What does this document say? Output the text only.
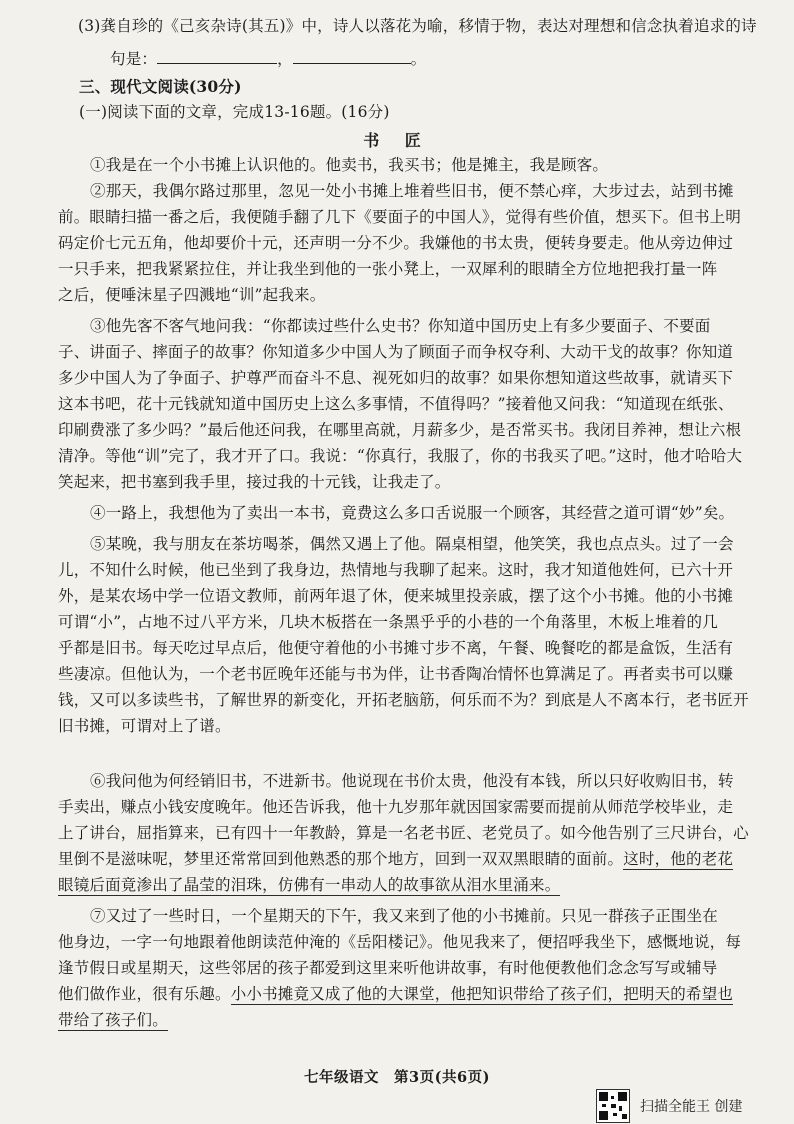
(3)龚自珍的《己亥杂诗(其五)》中，诗人以落花为喻，移情于物，表达对理想和信念执着追求的诗
句是：	，	。
三、现代文阅读(30分)
(一)阅读下面的文章，完成13-16题。(16分)
书 匠
①我是在一个小书摊上认识他的。他卖书，我买书；他是摊主，我是顾客。
②那天，我偶尔路过那里，忽见一处小书摊上堆着些旧书，便不禁心痒，大步过去，站到书摊
前。眼睛扫描一番之后，我便随手翻了几下《要面子的中国人》，觉得有些价值，想买下。但书上明
码定价七元五角，他却要价十元，还声明一分不少。我嫌他的书太贵，便转身要走。他从旁边伸过
一只手来，把我紧紧拉住，并让我坐到他的一张小凳上，一双犀利的眼睛全方位地把我打量一阵
之后，便唾沫星子四溅地“训”起我来。
③他先客不客气地问我：“你都读过些什么史书？你知道中国历史上有多少要面子、不要面
子、讲面子、摔面子的故事？你知道多少中国人为了顾面子而争权夺利、大动干戈的故事？你知道
多少中国人为了争面子、护尊严而奋斗不息、视死如归的故事？如果你想知道这些故事，就请买下
这本书吧，花十元钱就知道中国历史上这么多事情，不值得吗？”接着他又问我：“知道现在纸张、
印刷费涨了多少吗？”最后他还问我，在哪里高就，月薪多少，是否常买书。我闭目养神，想让六根
清净。等他“训”完了，我才开了口。我说：“你真行，我服了，你的书我买了吧。”这时，他才哈哈大
笑起来，把书塞到我手里，接过我的十元钱，让我走了。
④一路上，我想他为了卖出一本书，竟费这么多口舌说服一个顾客，其经营之道可谓“妙”矣。
⑤某晚，我与朋友在茶坊喝茶，偶然又遇上了他。隔桌相望，他笑笑，我也点点头。过了一会
儿，不知什么时候，他已坐到了我身边，热情地与我聊了起来。这时，我才知道他姓何，已六十开
外，是某农场中学一位语文教师，前两年退了休，便来城里投亲戚，摆了这个小书摊。他的小书摊
可谓“小”，占地不过八平方米，几块木板搭在一条黑乎乎的小巷的一个角落里，木板上堆着的几
乎都是旧书。每天吃过早点后，他便守着他的小书摊寸步不离，午餐、晚餐吃的都是盒饭，生活有
些凄凉。但他认为，一个老书匠晚年还能与书为伴，让书香陶冶情怀也算满足了。再者卖书可以赚
钱，又可以多读些书，了解世界的新变化，开拓老脑筋，何乐而不为？到底是人不离本行，老书匠开
旧书摊，可谓对上了谱。
⑥我问他为何经销旧书，不进新书。他说现在书价太贵，他没有本钱，所以只好收购旧书，转
手卖出，赚点小钱安度晚年。他还告诉我，他十九岁那年就因国家需要而提前从师范学校毕业，走
上了讲台，屈指算来，已有四十一年教龄，算是一名老书匠、老党员了。如今他告别了三尺讲台，心
里倒不是滋味呢，梦里还常常回到他熟悉的那个地方，回到一双双黑眼睛的面前。这时，他的老花
眼镜后面竟渗出了晶莹的泪珠，仿佛有一串动人的故事欲从泪水里涌来。
⑦又过了一些时日，一个星期天的下午，我又来到了他的小书摊前。只见一群孩子正围坐在
他身边，一字一句地跟着他朗读范仲淹的《岳阳楼记》。他见我来了，便招呼我坐下，感慨地说，每
逢节假日或星期天，这些邻居的孩子都爱到这里来听他讲故事，有时他便教他们念念写写或辅导
他们做作业，很有乐趣。小小书摊竟又成了他的大课堂，他把知识带给了孩子们，把明天的希望也
带给了孩子们。
七年级语文　第3页(共6页)
扫描全能王 创建
